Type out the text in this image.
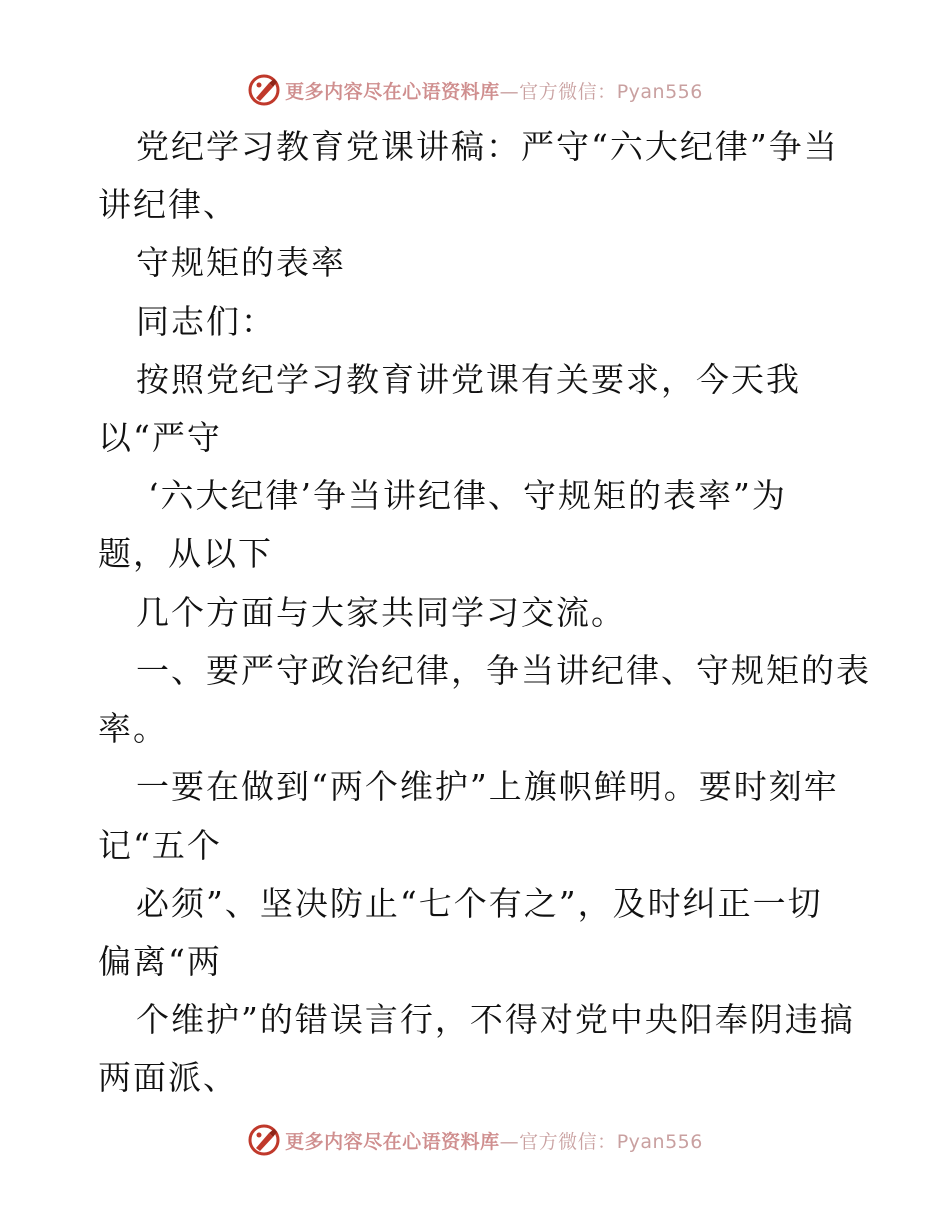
更多内容尽在心语资料库—官方微信：Pyan556
党纪学习教育党课讲稿：严守“六大纪律”争当
讲纪律、
守规矩的表率
同志们：
按照党纪学习教育讲党课有关要求，今天我
以“严守
‘六大纪律’争当讲纪律、守规矩的表率”为
题，从以下
几个方面与大家共同学习交流。
一、要严守政治纪律，争当讲纪律、守规矩的表
率。
一要在做到“两个维护”上旗帜鲜明。要时刻牢
记“五个
必须”、坚决防止“七个有之”，及时纠正一切
偏离“两
个维护”的错误言行，不得对党中央阳奉阴违搞
两面派、
更多内容尽在心语资料库—官方微信：Pyan556
